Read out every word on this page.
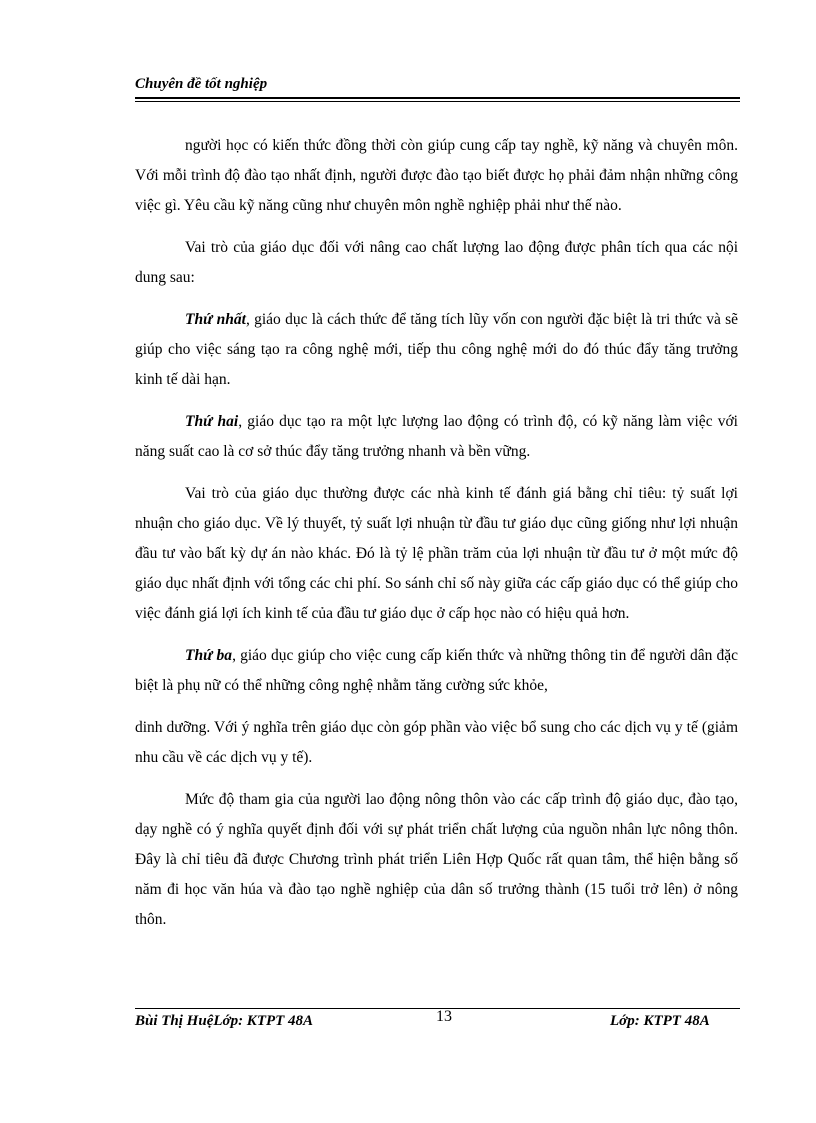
Chuyên đề tốt nghiệp

người học có kiến thức đồng thời còn giúp cung cấp tay nghề, kỹ năng và chuyên môn. Với mỗi trình độ đào tạo nhất định, người được đào tạo biết được họ phải đảm nhận những công việc gì. Yêu cầu kỹ năng cũng như chuyên môn nghề nghiệp phải như thế nào.

Vai trò của giáo dục đối với nâng cao chất lượng lao động được phân tích qua các nội dung sau:

Thứ nhất, giáo dục là cách thức để tăng tích lũy vốn con người đặc biệt là tri thức và sẽ giúp cho việc sáng tạo ra công nghệ mới, tiếp thu công nghệ mới do đó thúc đẩy tăng trưởng kinh tế dài hạn.

Thứ hai, giáo dục tạo ra một lực lượng lao động có trình độ, có kỹ năng làm việc với năng suất cao là cơ sở thúc đẩy tăng trưởng nhanh và bền vững.

Vai trò của giáo dục thường được các nhà kinh tế đánh giá bằng chỉ tiêu: tỷ suất lợi nhuận cho giáo dục. Về lý thuyết, tỷ suất lợi nhuận từ đầu tư giáo dục cũng giống như lợi nhuận đầu tư vào bất kỳ dự án nào khác. Đó là tỷ lệ phần trăm của lợi nhuận từ đầu tư ở một mức độ giáo dục nhất định với tổng các chi phí. So sánh chỉ số này giữa các cấp giáo dục có thể giúp cho việc đánh giá lợi ích kinh tế của đầu tư giáo dục ở cấp học nào có hiệu quả hơn.

Thứ ba, giáo dục giúp cho việc cung cấp kiến thức và những thông tin để người dân đặc biệt là phụ nữ có thể những công nghệ nhằm tăng cường sức khỏe,

dinh dưỡng. Với ý nghĩa trên giáo dục còn góp phần vào việc bổ sung cho các dịch vụ y tế (giảm nhu cầu về các dịch vụ y tế).

Mức độ tham gia của người lao động nông thôn vào các cấp trình độ giáo dục, đào tạo, dạy nghề có ý nghĩa quyết định đối với sự phát triển chất lượng của nguồn nhân lực nông thôn. Đây là chỉ tiêu đã được Chương trình phát triển Liên Hợp Quốc rất quan tâm, thể hiện bằng số năm đi học văn húa và đào tạo nghề nghiệp của dân số trưởng thành (15 tuổi trở lên) ở nông thôn.

Bùi Thị HuệLớp: KTPT 48A	13	Lớp: KTPT 48A
